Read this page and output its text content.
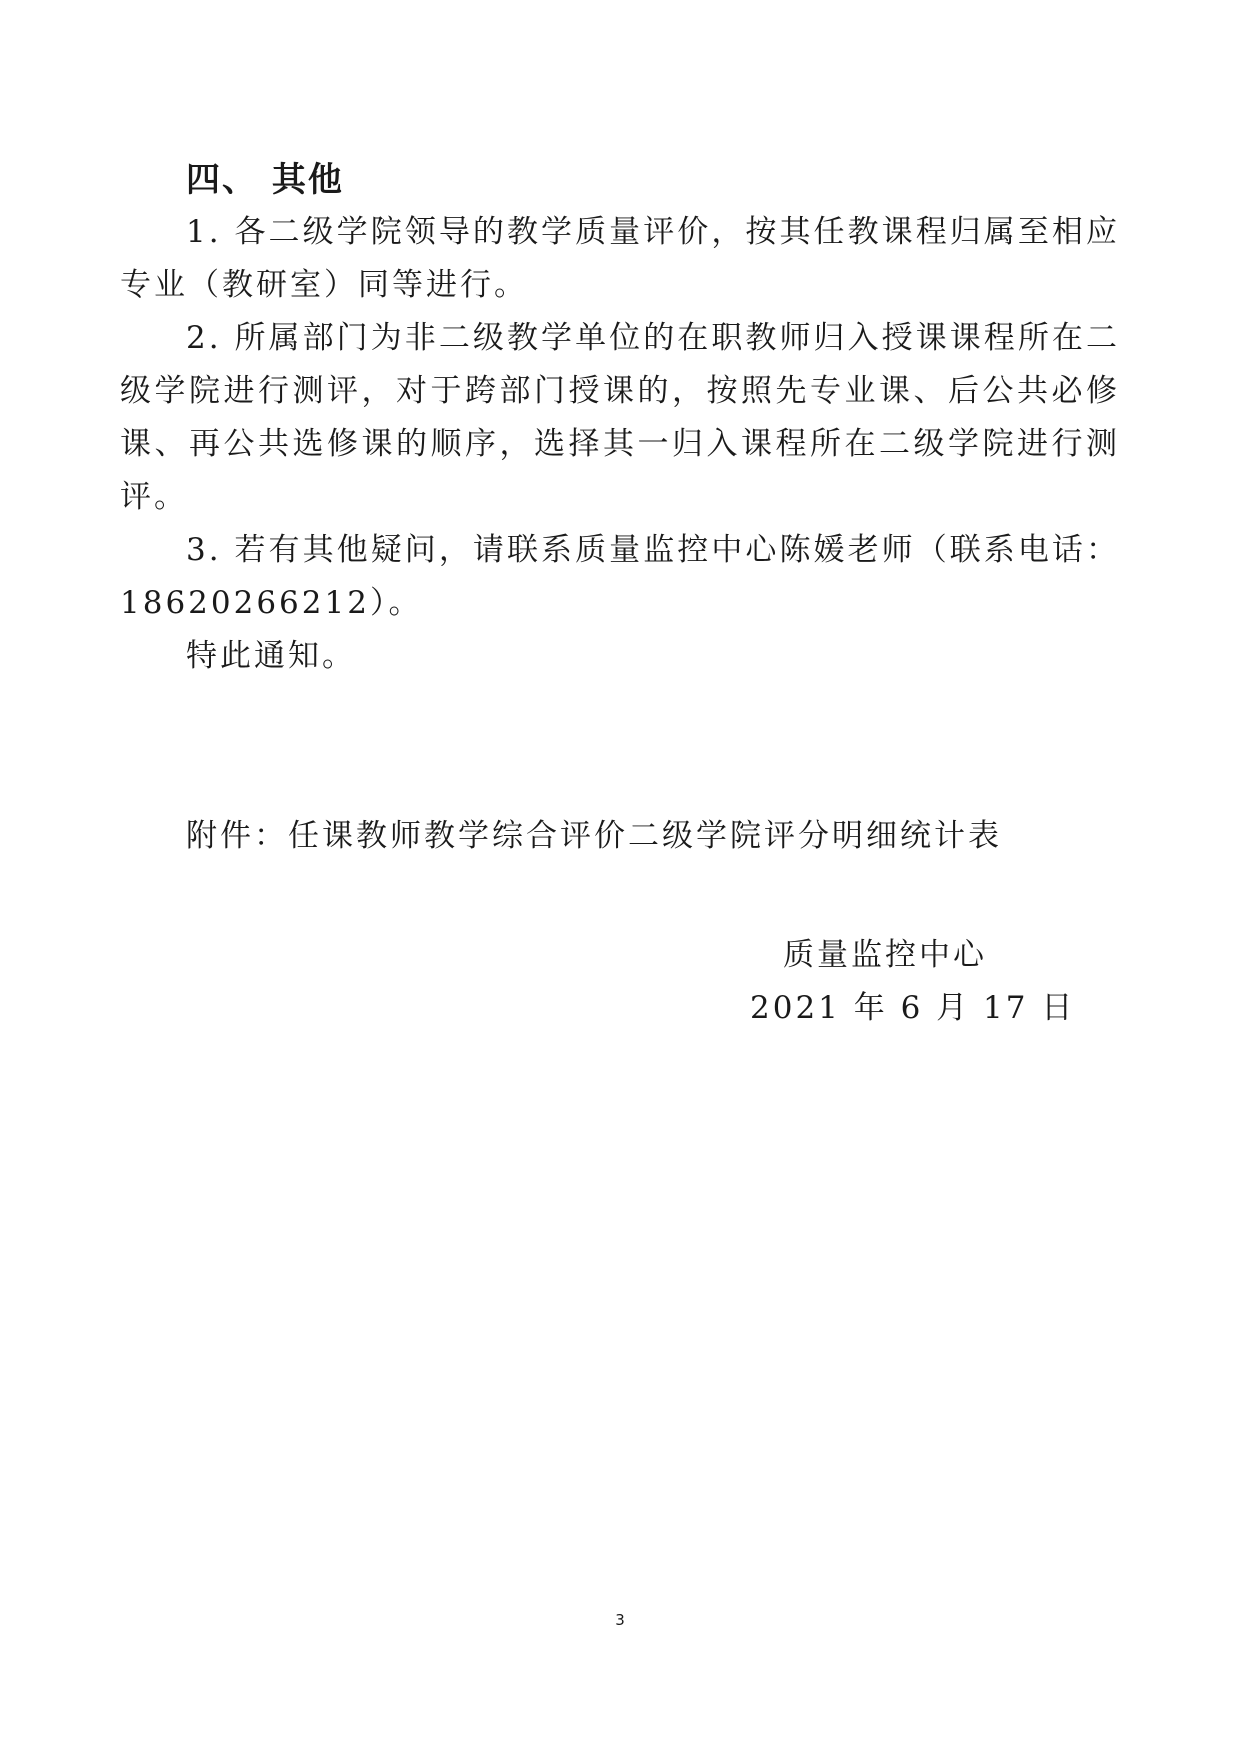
四、 其他

1. 各二级学院领导的教学质量评价，按其任教课程归属至相应专业（教研室）同等进行。

2. 所属部门为非二级教学单位的在职教师归入授课课程所在二级学院进行测评，对于跨部门授课的，按照先专业课、后公共必修课、再公共选修课的顺序，选择其一归入课程所在二级学院进行测评。

3. 若有其他疑问，请联系质量监控中心陈媛老师（联系电话：18620266212）。

特此通知。

附件：任课教师教学综合评价二级学院评分明细统计表
质量监控中心
2021 年 6 月 17 日
3
